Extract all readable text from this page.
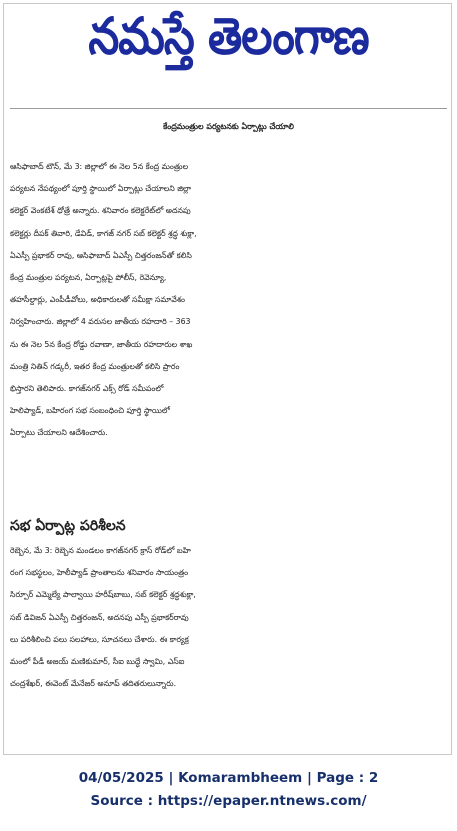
నమస్తే తెలంగాణ
కేంద్రమంత్రుల పర్యటనకు ఏర్పాట్లు చేయాలి
ఆసిఫాబాద్ టౌన్, మే 3: జిల్లాలో ఈ నెల 5న కేంద్ర మంత్రుల
పర్యటన నేపథ్యంలో పూర్తి స్థాయిలో ఏర్పాట్లు చేయాలని జిల్లా
కలెక్టర్ వెంకటేశ్ ధోత్రే అన్నారు. శనివారం కలెక్టరేట్‌లో అదనపు
కలెక్టర్లు దీపక్ తివారి, డేవిడ్, కాగజ్ నగర్ సబ్ కలెక్టర్ శ్రద్ధ శుక్లా,
ఏఎస్పీ ప్రభాకర్ రావు, ఆసిఫాబాద్ ఏఎస్పీ చిత్తరంజన్‌తో కలిసి
కేంద్ర మంత్రుల పర్యటన, ఏర్పాట్లపై పోలీస్, రెవెన్యూ,
తహసీల్దార్లు, ఎంపీడీవోలు, అధికారులతో సమీక్షా సమావేశం
నిర్వహించారు. జిల్లాలో 4 వరుసల జాతీయ రహదారి – 363
ను ఈ నెల 5న కేంద్ర రోడ్డు రవాణా, జాతీయ రహదారుల శాఖ
మంత్రి నితిన్ గడ్కరీ, ఇతర కేంద్ర మంత్రులతో కలిసి ప్రారం
భిస్తారని తెలిపారు. కాగజ్‌నగర్ ఎక్స్ రోడ్ సమీపంలో
హెలిప్యాడ్, బహిరంగ సభ సంబంధించి పూర్తి స్థాయిలో
ఏర్పాటు చేయాలని ఆదేశించారు.
సభ ఏర్పాట్ల పరిశీలన
రెబ్బెన, మే 3: రెబ్బెన మండలం కాగజ్‌నగర్ క్రాస్ రోడ్‌లో బహి
రంగ సభస్థలం, హెలీప్యాడ్ ప్రాంతాలను శనివారం సాయంత్రం
సిర్పూర్ ఎమ్మెల్యే పాల్వాయి హరీష్‌బాబు, సబ్ కలెక్టర్ శ్రద్ధశుక్లా,
సబ్ డివిజన్ ఏఎస్పీ చిత్తరంజన్, అదనపు ఎస్పీ ప్రభాకర్‌రావు
లు పరిశీలించి పలు సలహాలు, సూచనలు చేశారు. ఈ కార్యక్ర
మంలో పీడీ అజయ్ మణికుమార్, సీఐ బుద్ధే స్వామి, ఎస్ఐ
చంద్రశేఖర్, ఈవెంట్ మేనేజర్ అనూప్ తదితరులున్నారు.
04/05/2025 | Komarambheem | Page : 2
Source : https://epaper.ntnews.com/
